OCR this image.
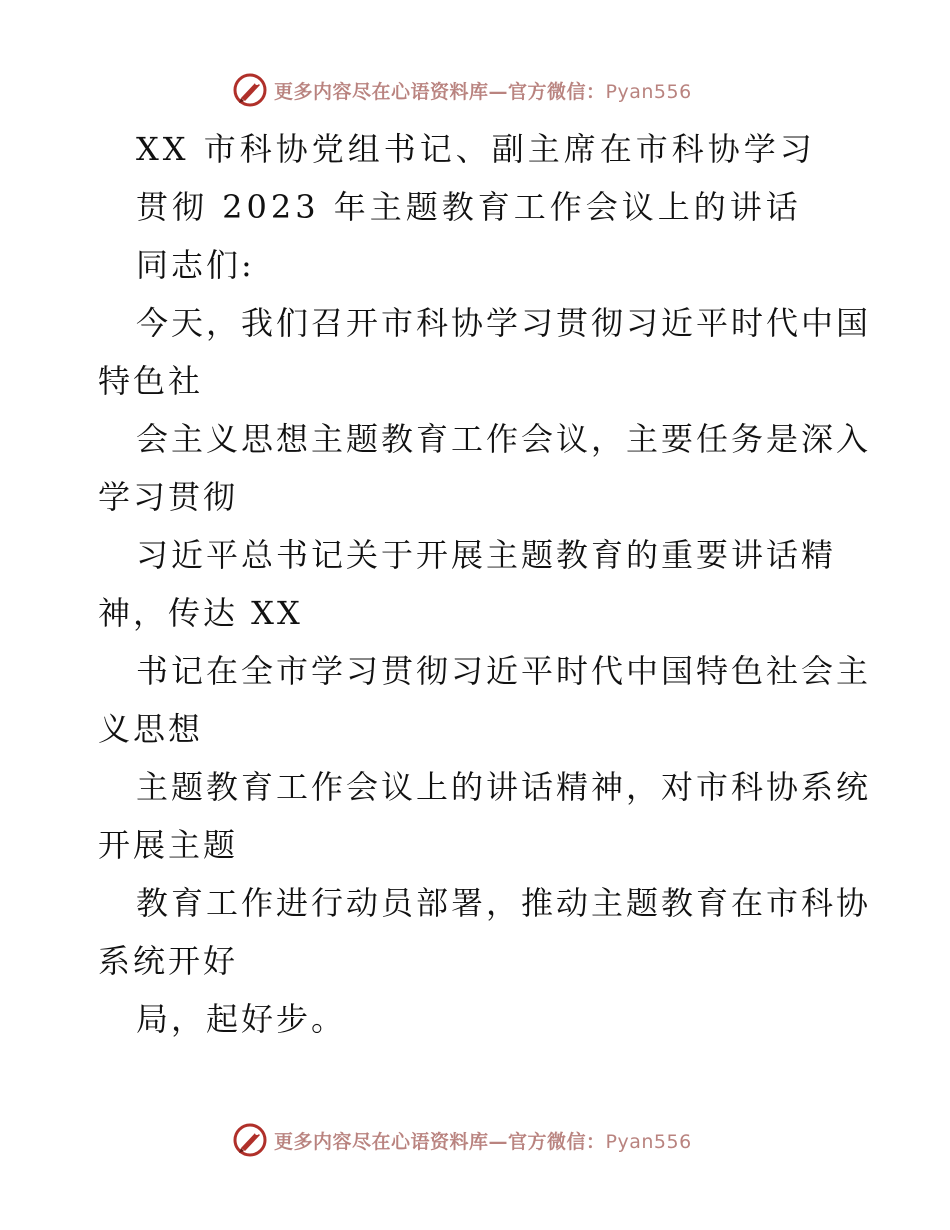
更多内容尽在心语资料库—官方微信：Pyan556
XX 市科协党组书记、副主席在市科协学习
贯彻 2023 年主题教育工作会议上的讲话
同志们:
今天，我们召开市科协学习贯彻习近平时代中国
特色社
会主义思想主题教育工作会议，主要任务是深入
学习贯彻
习近平总书记关于开展主题教育的重要讲话精
神，传达 XX
书记在全市学习贯彻习近平时代中国特色社会主
义思想
主题教育工作会议上的讲话精神，对市科协系统
开展主题
教育工作进行动员部署，推动主题教育在市科协
系统开好
局，起好步。
更多内容尽在心语资料库—官方微信：Pyan556
